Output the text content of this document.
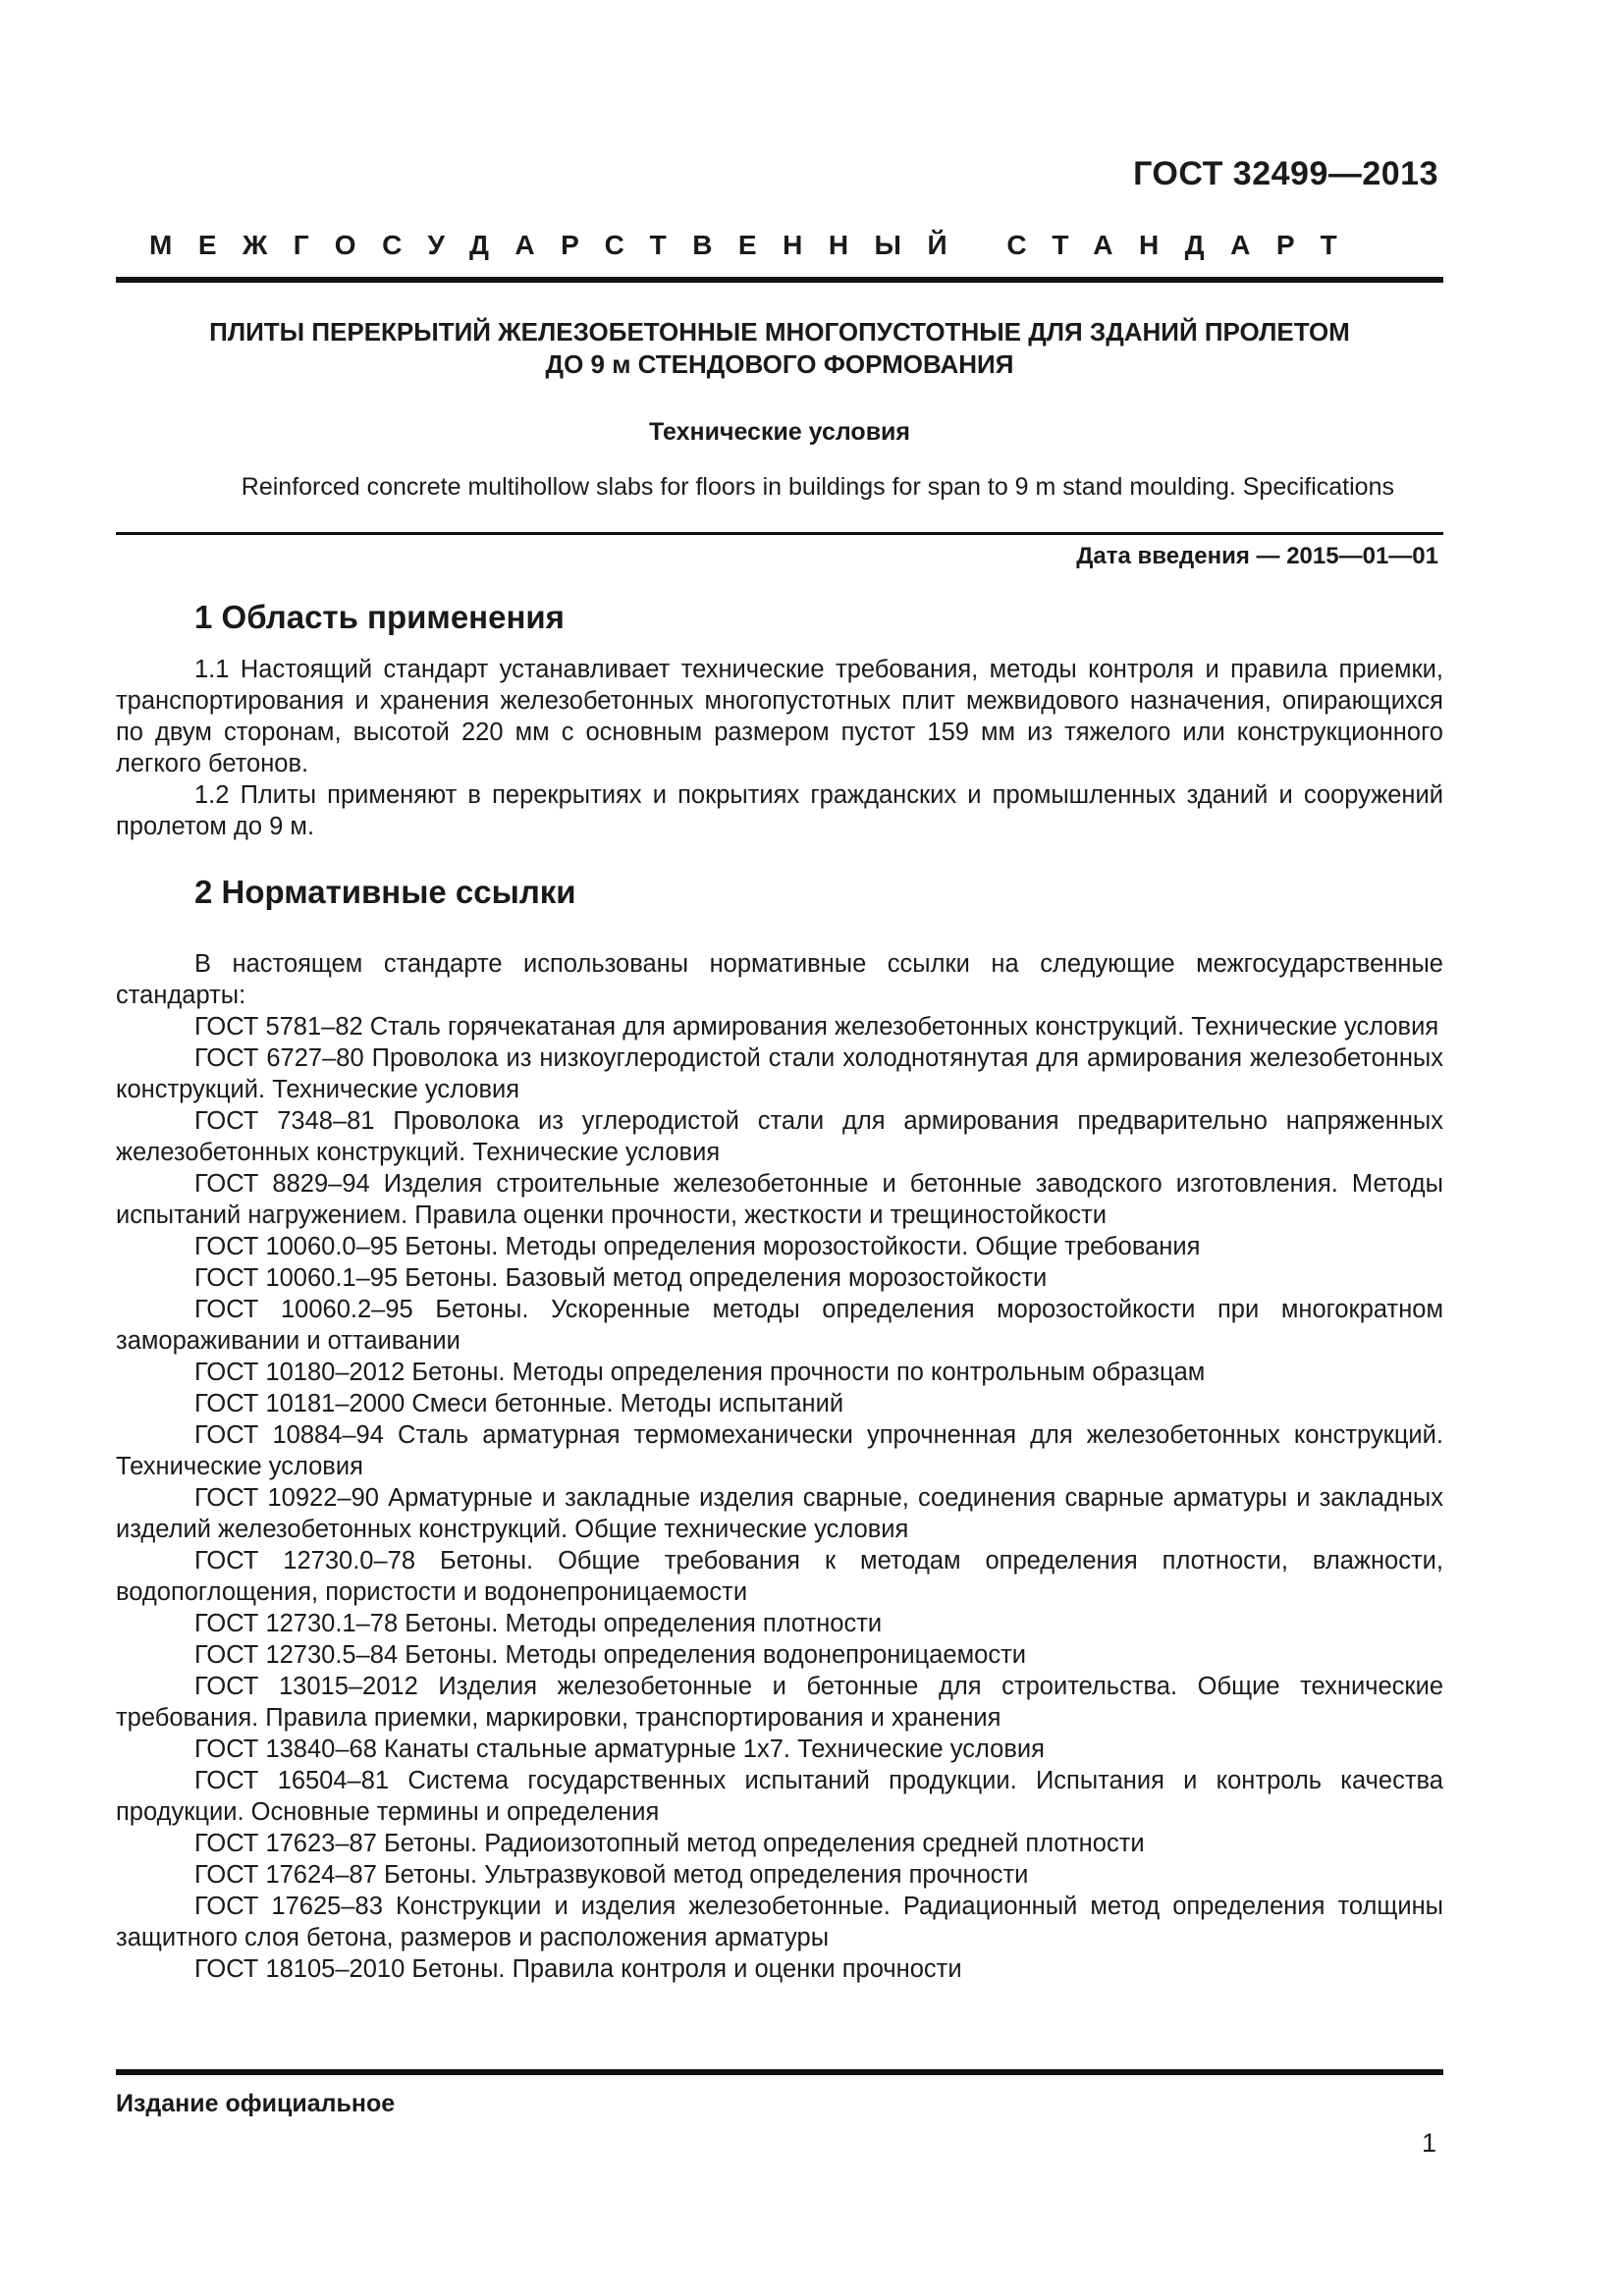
ГОСТ 32499—2013
МЕЖГОСУДАРСТВЕННЫЙ СТАНДАРТ
ПЛИТЫ ПЕРЕКРЫТИЙ ЖЕЛЕЗОБЕТОННЫЕ МНОГОПУСТОТНЫЕ ДЛЯ ЗДАНИЙ ПРОЛЕТОМ
ДО 9 м СТЕНДОВОГО ФОРМОВАНИЯ
Технические условия
Reinforced concrete multihollow slabs for floors in buildings for span to 9 m stand moulding. Specifications
Дата введения — 2015—01—01
1 Область применения

1.1 Настоящий стандарт устанавливает технические требования, методы контроля и правила приемки, транспортирования и хранения железобетонных многопустотных плит межвидового назначения, опирающихся по двум сторонам, высотой 220 мм с основным размером пустот 159 мм из тяжелого или конструкционного легкого бетонов.

1.2 Плиты применяют в перекрытиях и покрытиях гражданских и промышленных зданий и сооружений пролетом до 9 м.

2 Нормативные ссылки

В настоящем стандарте использованы нормативные ссылки на следующие межгосударственные стандарты:

ГОСТ 5781–82 Сталь горячекатаная для армирования железобетонных конструкций. Технические условия

ГОСТ 6727–80 Проволока из низкоуглеродистой стали холоднотянутая для армирования железобетонных конструкций. Технические условия

ГОСТ 7348–81 Проволока из углеродистой стали для армирования предварительно напряженных железобетонных конструкций. Технические условия

ГОСТ 8829–94 Изделия строительные железобетонные и бетонные заводского изготовления. Методы испытаний нагружением. Правила оценки прочности, жесткости и трещиностойкости

ГОСТ 10060.0–95 Бетоны. Методы определения морозостойкости. Общие требования

ГОСТ 10060.1–95 Бетоны. Базовый метод определения морозостойкости

ГОСТ 10060.2–95 Бетоны. Ускоренные методы определения морозостойкости при многократном замораживании и оттаивании

ГОСТ 10180–2012 Бетоны. Методы определения прочности по контрольным образцам

ГОСТ 10181–2000 Смеси бетонные. Методы испытаний

ГОСТ 10884–94 Сталь арматурная термомеханически упрочненная для железобетонных конструкций. Технические условия

ГОСТ 10922–90 Арматурные и закладные изделия сварные, соединения сварные арматуры и закладных изделий железобетонных конструкций. Общие технические условия

ГОСТ 12730.0–78 Бетоны. Общие требования к методам определения плотности, влажности, водопоглощения, пористости и водонепроницаемости

ГОСТ 12730.1–78 Бетоны. Методы определения плотности

ГОСТ 12730.5–84 Бетоны. Методы определения водонепроницаемости

ГОСТ 13015–2012 Изделия железобетонные и бетонные для строительства. Общие технические требования. Правила приемки, маркировки, транспортирования и хранения

ГОСТ 13840–68 Канаты стальные арматурные 1х7. Технические условия

ГОСТ 16504–81 Система государственных испытаний продукции. Испытания и контроль качества продукции. Основные термины и определения

ГОСТ 17623–87 Бетоны. Радиоизотопный метод определения средней плотности

ГОСТ 17624–87 Бетоны. Ультразвуковой метод определения прочности

ГОСТ 17625–83 Конструкции и изделия железобетонные. Радиационный метод определения толщины защитного слоя бетона, размеров и расположения арматуры

ГОСТ 18105–2010 Бетоны. Правила контроля и оценки прочности

Издание официальное
1
